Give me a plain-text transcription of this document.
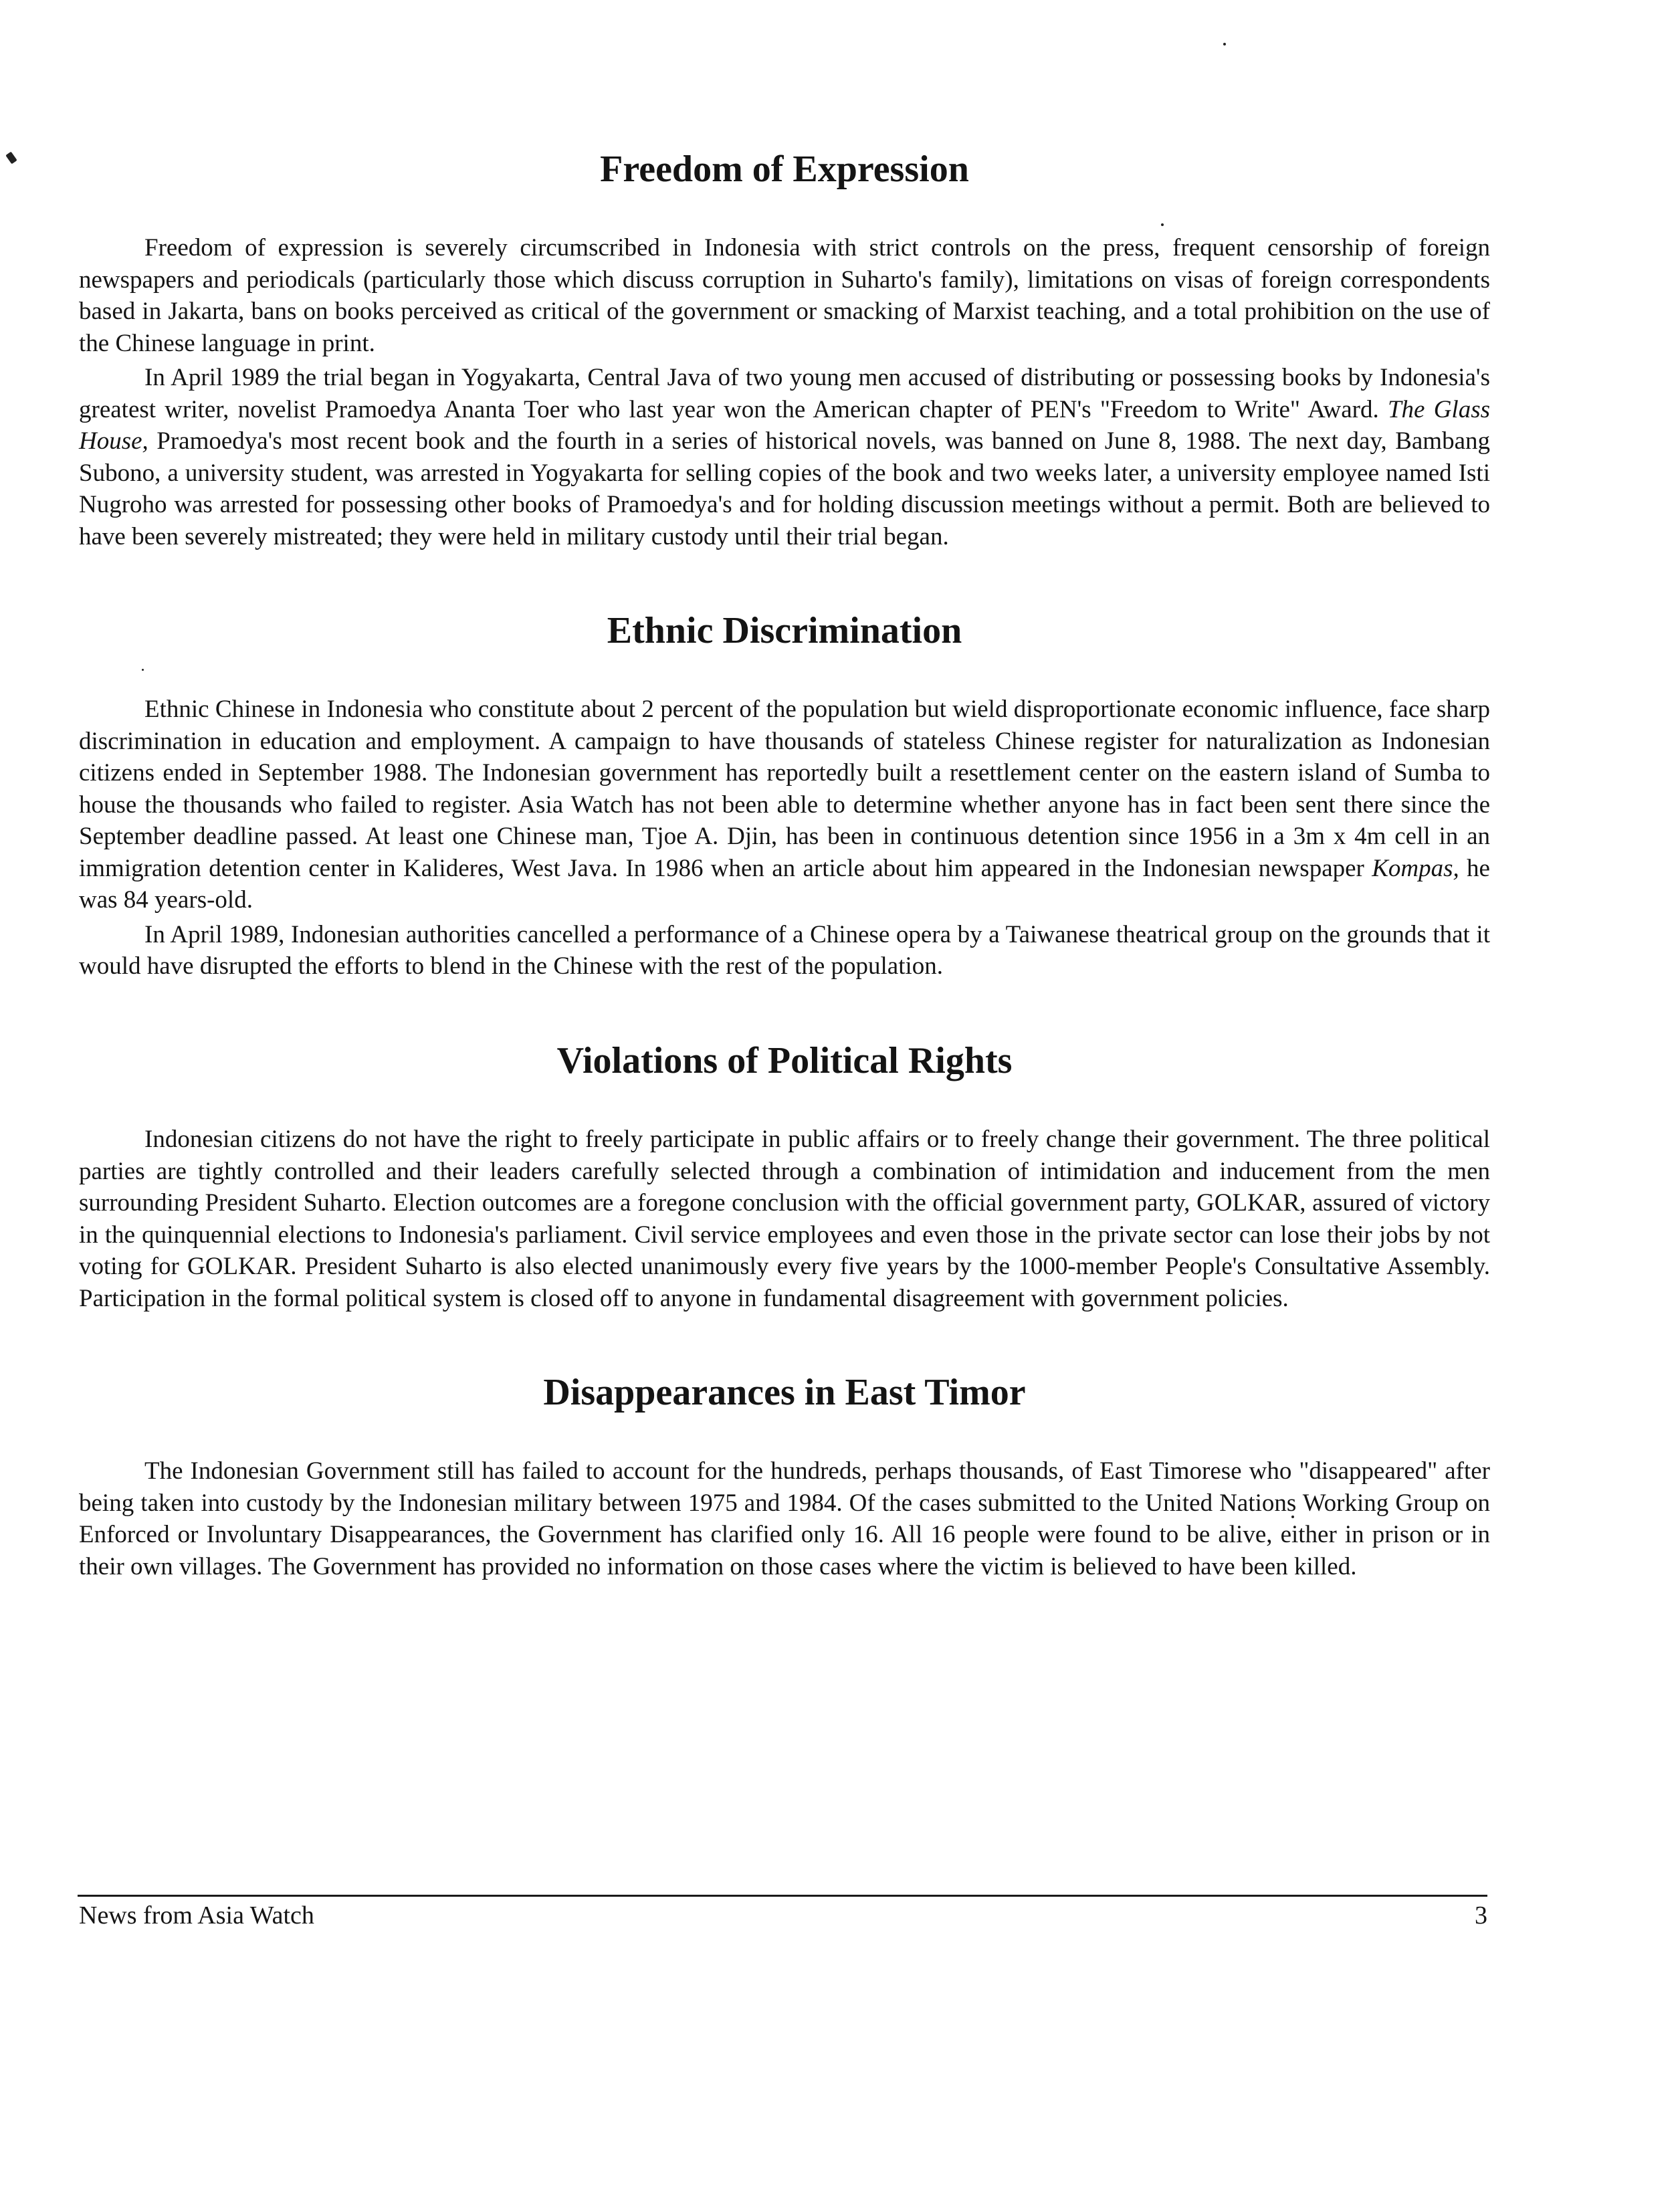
Freedom of Expression

Freedom of expression is severely circumscribed in Indonesia with strict controls on the press, frequent censorship of foreign newspapers and periodicals (particularly those which discuss corruption in Suharto's family), limitations on visas of foreign correspondents based in Jakarta, bans on books perceived as critical of the government or smacking of Marxist teaching, and a total prohibition on the use of the Chinese language in print.

In April 1989 the trial began in Yogyakarta, Central Java of two young men accused of distributing or possessing books by Indonesia's greatest writer, novelist Pramoedya Ananta Toer who last year won the American chapter of PEN's "Freedom to Write" Award. The Glass House, Pramoedya's most recent book and the fourth in a series of historical novels, was banned on June 8, 1988. The next day, Bambang Subono, a university student, was arrested in Yogyakarta for selling copies of the book and two weeks later, a university employee named Isti Nugroho was arrested for possessing other books of Pramoedya's and for holding discussion meetings without a permit. Both are believed to have been severely mistreated; they were held in military custody until their trial began.

Ethnic Discrimination

Ethnic Chinese in Indonesia who constitute about 2 percent of the population but wield disproportionate economic influence, face sharp discrimination in education and employment. A campaign to have thousands of stateless Chinese register for naturalization as Indonesian citizens ended in September 1988. The Indonesian government has reportedly built a resettlement center on the eastern island of Sumba to house the thousands who failed to register. Asia Watch has not been able to determine whether anyone has in fact been sent there since the September deadline passed. At least one Chinese man, Tjoe A. Djin, has been in continuous detention since 1956 in a 3m x 4m cell in an immigration detention center in Kalideres, West Java. In 1986 when an article about him appeared in the Indonesian newspaper Kompas, he was 84 years-old.

In April 1989, Indonesian authorities cancelled a performance of a Chinese opera by a Taiwanese theatrical group on the grounds that it would have disrupted the efforts to blend in the Chinese with the rest of the population.

Violations of Political Rights

Indonesian citizens do not have the right to freely participate in public affairs or to freely change their government. The three political parties are tightly controlled and their leaders carefully selected through a combination of intimidation and inducement from the men surrounding President Suharto. Election outcomes are a foregone conclusion with the official government party, GOLKAR, assured of victory in the quinquennial elections to Indonesia's parliament. Civil service employees and even those in the private sector can lose their jobs by not voting for GOLKAR. President Suharto is also elected unanimously every five years by the 1000-member People's Consultative Assembly. Participation in the formal political system is closed off to anyone in fundamental disagreement with government policies.

Disappearances in East Timor

The Indonesian Government still has failed to account for the hundreds, perhaps thousands, of East Timorese who "disappeared" after being taken into custody by the Indonesian military between 1975 and 1984. Of the cases submitted to the United Nations Working Group on Enforced or Involuntary Disappearances, the Government has clarified only 16. All 16 people were found to be alive, either in prison or in their own villages. The Government has provided no information on those cases where the victim is believed to have been killed.

News from Asia Watch	3
